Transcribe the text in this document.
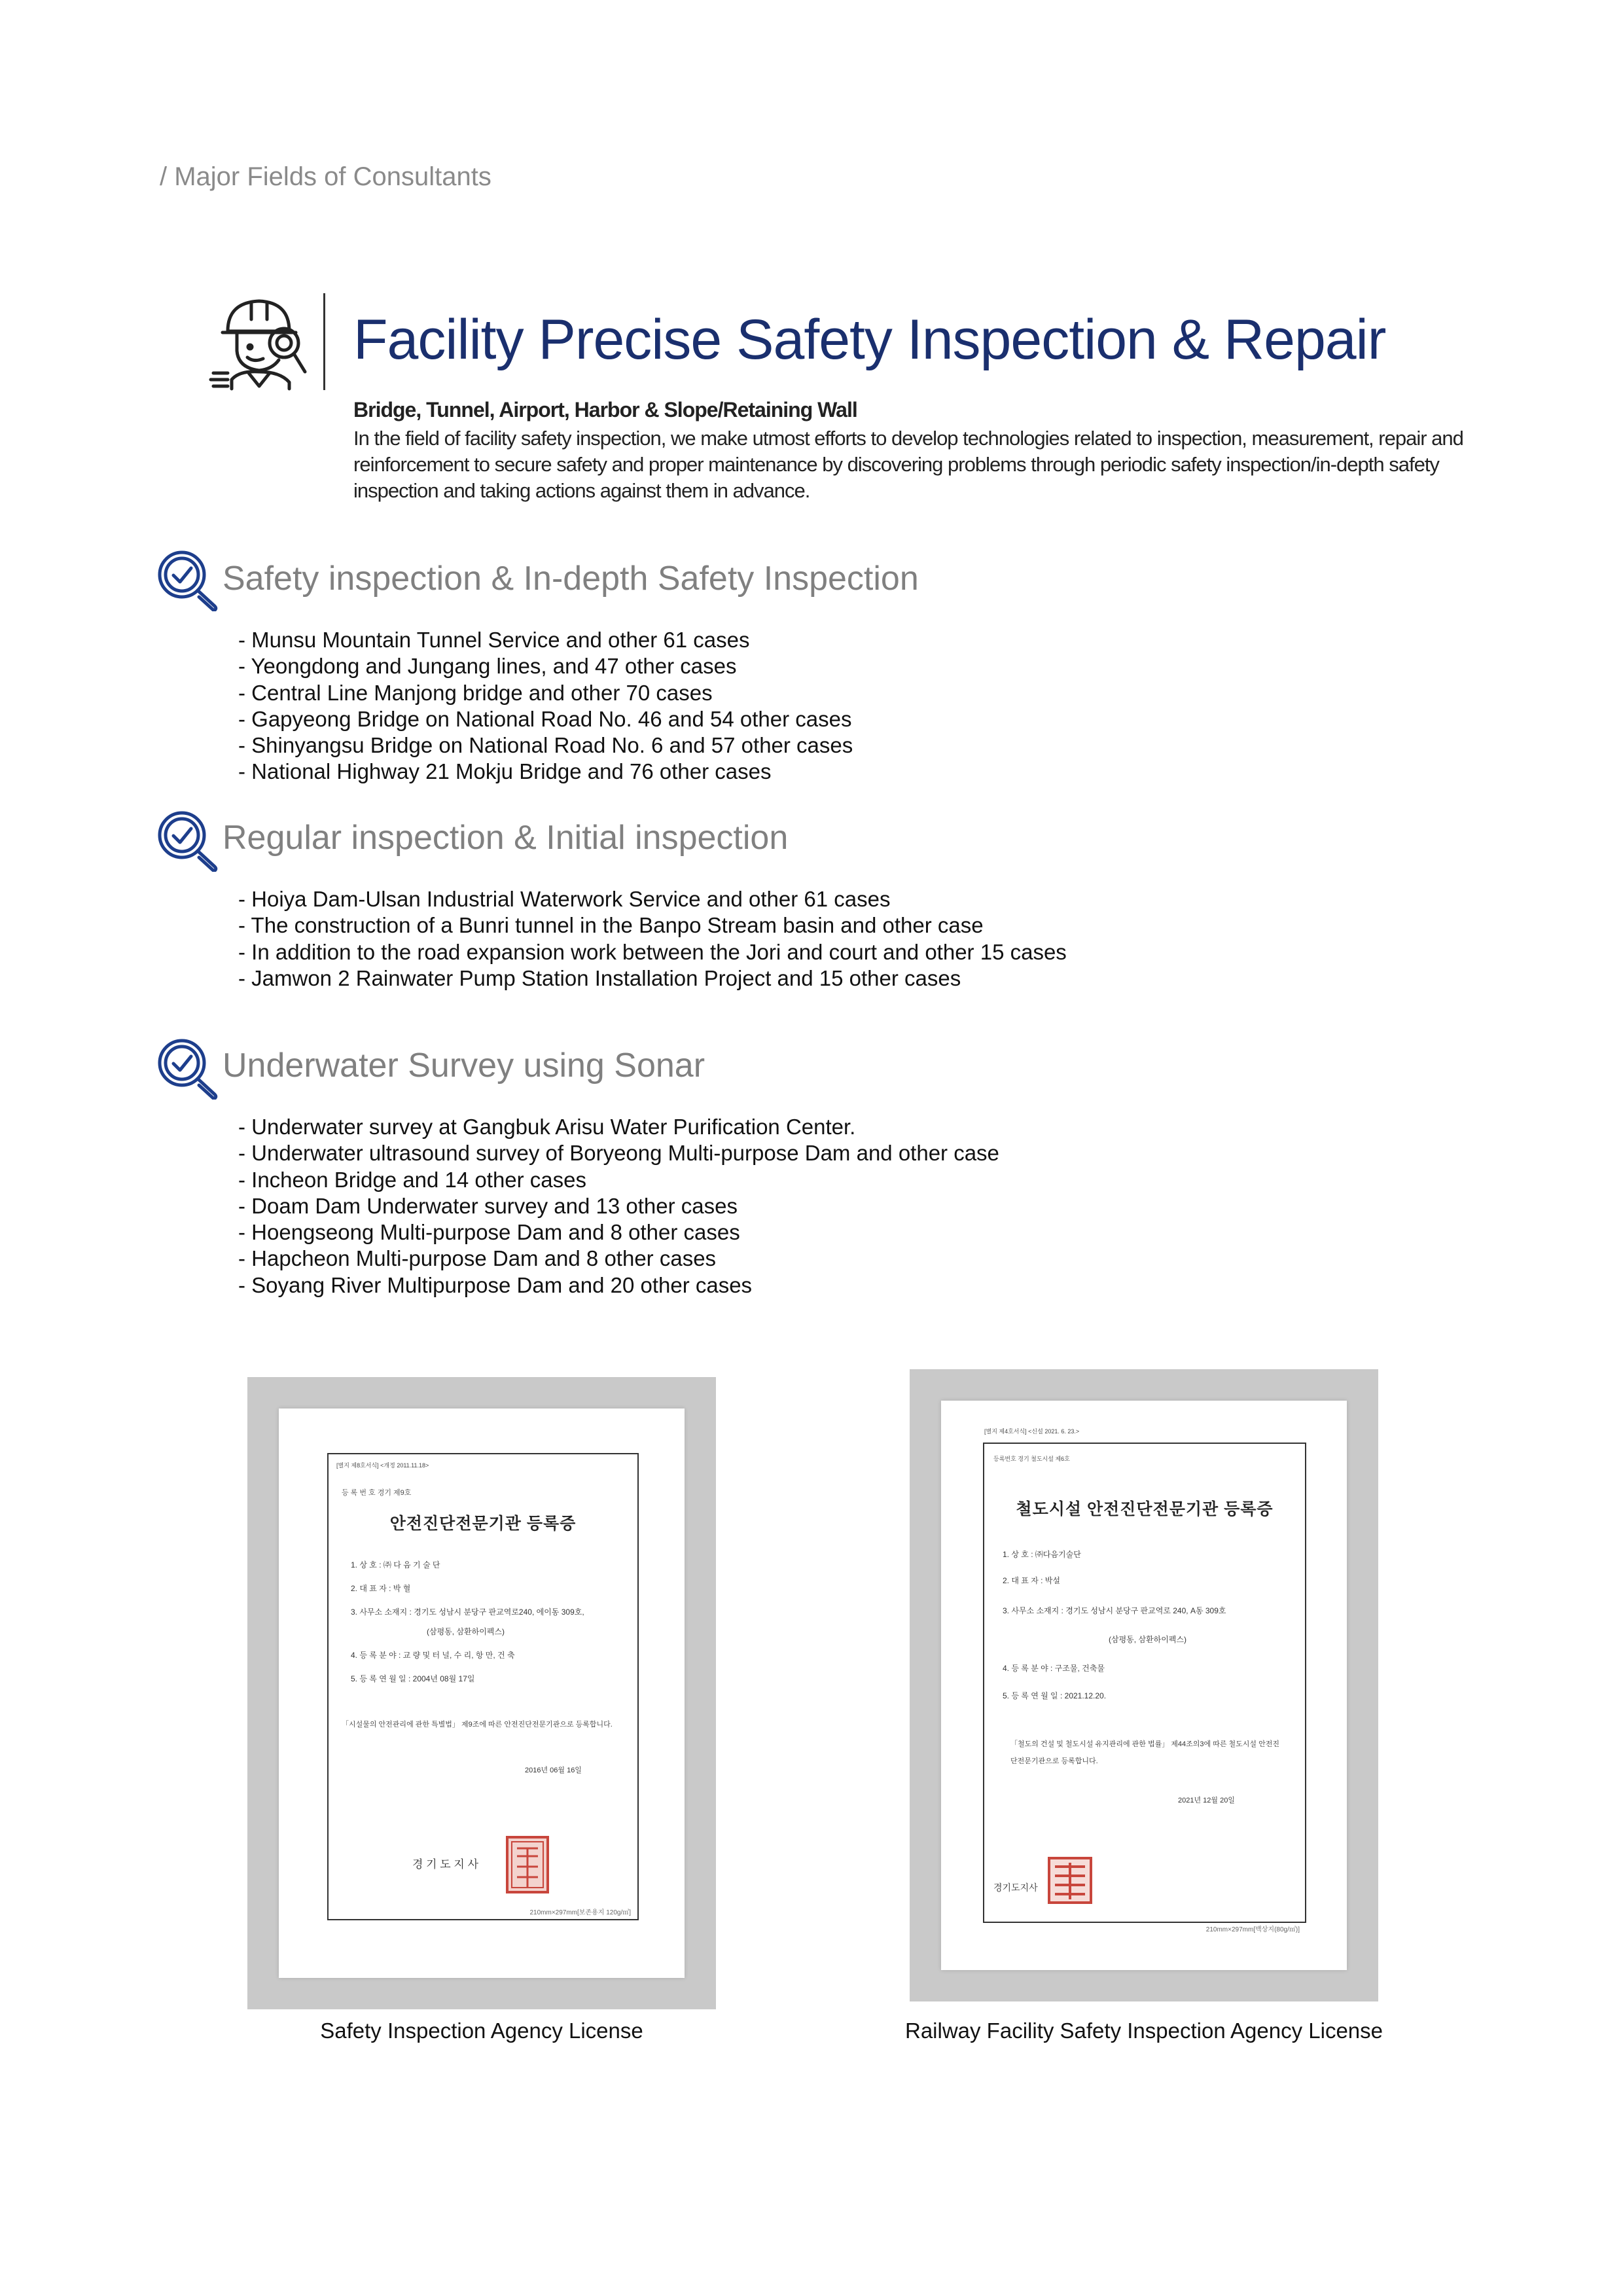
/ Major Fields of Consultants
Facility Precise Safety Inspection & Repair
Bridge, Tunnel, Airport, Harbor & Slope/Retaining Wall
In the field of facility safety inspection, we make utmost efforts to develop technologies related to inspection, measurement, repair and reinforcement to secure safety and proper maintenance by discovering problems through periodic safety inspection/in-depth safety inspection and taking actions against them in advance.
Safety inspection & In-depth Safety Inspection
- Munsu Mountain Tunnel Service and other 61 cases
- Yeongdong and Jungang lines, and 47 other cases
- Central Line Manjong bridge and other 70 cases
- Gapyeong Bridge on National Road No. 46 and 54 other cases
- Shinyangsu Bridge on National Road No. 6 and 57 other cases
- National Highway 21 Mokju Bridge and 76 other cases
Regular inspection & Initial inspection
- Hoiya Dam-Ulsan Industrial Waterwork Service and other 61 cases
- The construction of a Bunri tunnel in the Banpo Stream basin and other case
- In addition to the road expansion work between the Jori and court and other 15 cases
- Jamwon 2 Rainwater Pump Station Installation Project and 15 other cases
Underwater Survey using Sonar
- Underwater survey at Gangbuk Arisu Water Purification Center.
- Underwater ultrasound survey of Boryeong Multi-purpose Dam and other case
- Incheon Bridge and 14 other cases
- Doam Dam Underwater survey and 13 other cases
- Hoengseong Multi-purpose Dam and 8 other cases
- Hapcheon Multi-purpose Dam and 8 other cases
- Soyang River Multipurpose Dam and 20 other cases
[별지 제8호서식] <개정 2011.11.18>
등 록 번 호 경기 제9호
안전진단전문기관 등록증
1. 상 호 : ㈜ 다 음 기 술 단
2. 대 표 자 : 박 혈
3. 사무소 소재지 : 경기도 성남시 분당구 판교역로240, 에이동 309호,
(삼평동, 삼환하이펙스)
4. 등 록 분 야 : 교 량 및 터 널, 수 리, 항 만, 건 축
5. 등 록 연 월 일 : 2004년 08월 17일
「시설물의 안전관리에 관한 특별법」 제9조에 따른 안전진단전문기관으로 등록합니다.
2016년 06월 16일
경 기 도 지 사
210mm×297mm[보존용지 120g/㎡]
Safety Inspection Agency License
[별지 제4호서식] <신설 2021. 6. 23.>
등록번호 경기 철도시설 제6호
철도시설 안전진단전문기관 등록증
1. 상 호 : ㈜다음기술단
2. 대 표 자 : 박설
3. 사무소 소재지 : 경기도 성남시 분당구 판교역로 240, A동 309호
(삼평동, 삼환하이펙스)
4. 등 록 분 야 : 구조물, 건축물
5. 등 록 연 월 일 : 2021.12.20.
「철도의 건설 및 철도시설 유지관리에 관한 법률」 제44조의3에 따른 철도시설 안전진단전문기관으로 등록합니다.
2021년 12월 20일
경기도지사
210mm×297mm[백상지(80g/㎡)]
Railway Facility Safety Inspection Agency License
